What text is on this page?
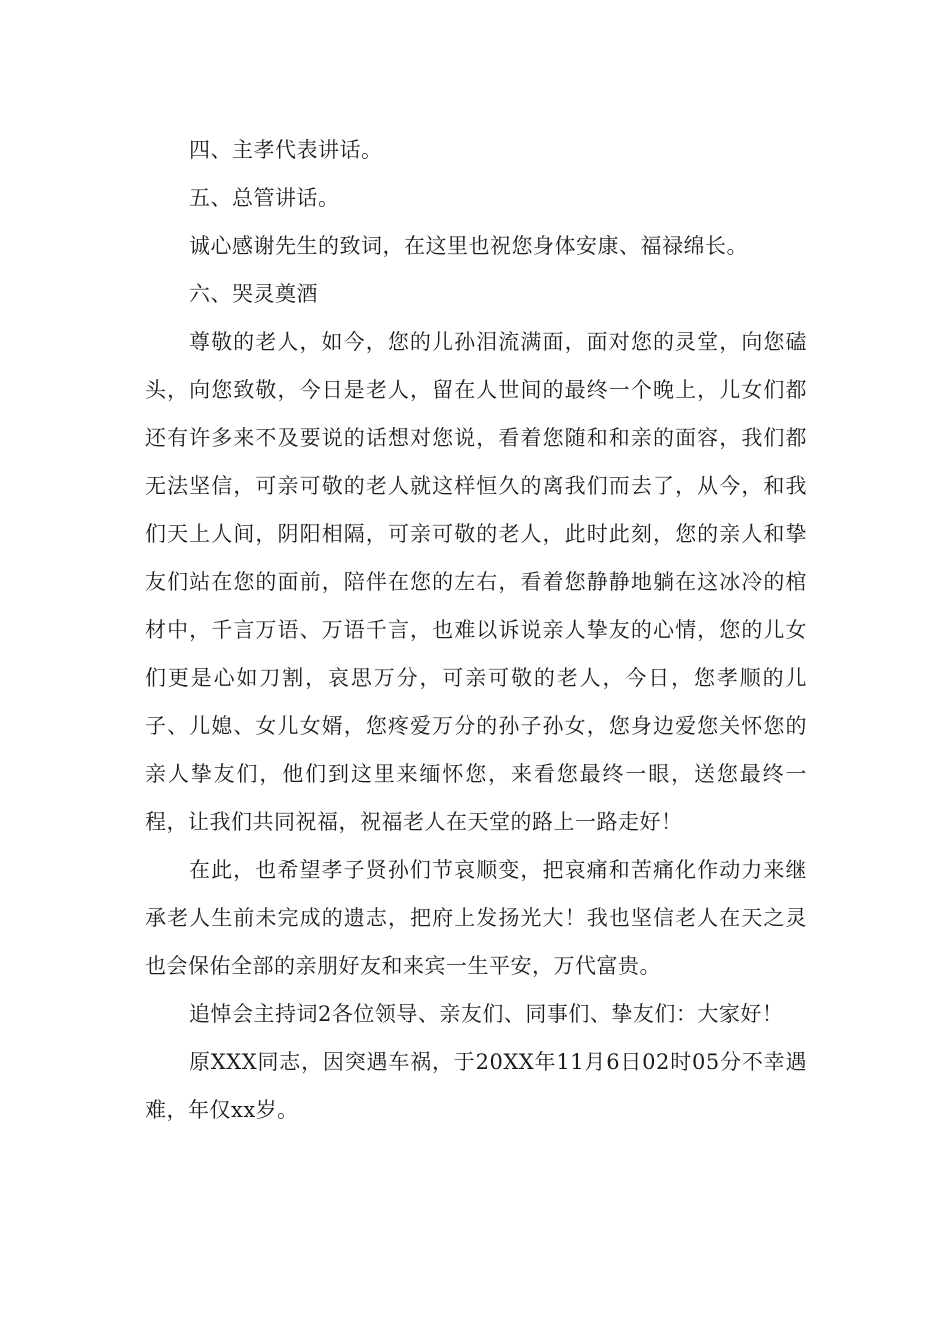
四、主孝代表讲话。

五、总管讲话。

诚心感谢先生的致词，在这里也祝您身体安康、福禄绵长。

六、哭灵奠酒

尊敬的老人，如今，您的儿孙泪流满面，面对您的灵堂，向您磕头，向您致敬，今日是老人，留在人世间的最终一个晚上，儿女们都还有许多来不及要说的话想对您说，看着您随和和亲的面容，我们都无法坚信，可亲可敬的老人就这样恒久的离我们而去了，从今，和我们天上人间，阴阳相隔，可亲可敬的老人，此时此刻，您的亲人和挚友们站在您的面前，陪伴在您的左右，看着您静静地躺在这冰冷的棺材中，千言万语、万语千言，也难以诉说亲人挚友的心情，您的儿女们更是心如刀割，哀思万分，可亲可敬的老人，今日，您孝顺的儿子、儿媳、女儿女婿，您疼爱万分的孙子孙女，您身边爱您关怀您的亲人挚友们，他们到这里来缅怀您，来看您最终一眼，送您最终一程，让我们共同祝福，祝福老人在天堂的路上一路走好！

在此，也希望孝子贤孙们节哀顺变，把哀痛和苦痛化作动力来继承老人生前未完成的遗志，把府上发扬光大！我也坚信老人在天之灵也会保佑全部的亲朋好友和来宾一生平安，万代富贵。

追悼会主持词2各位领导、亲友们、同事们、挚友们：大家好！

原XXX同志，因突遇车祸，于20XX年11月6日02时05分不幸遇难，年仅xx岁。
